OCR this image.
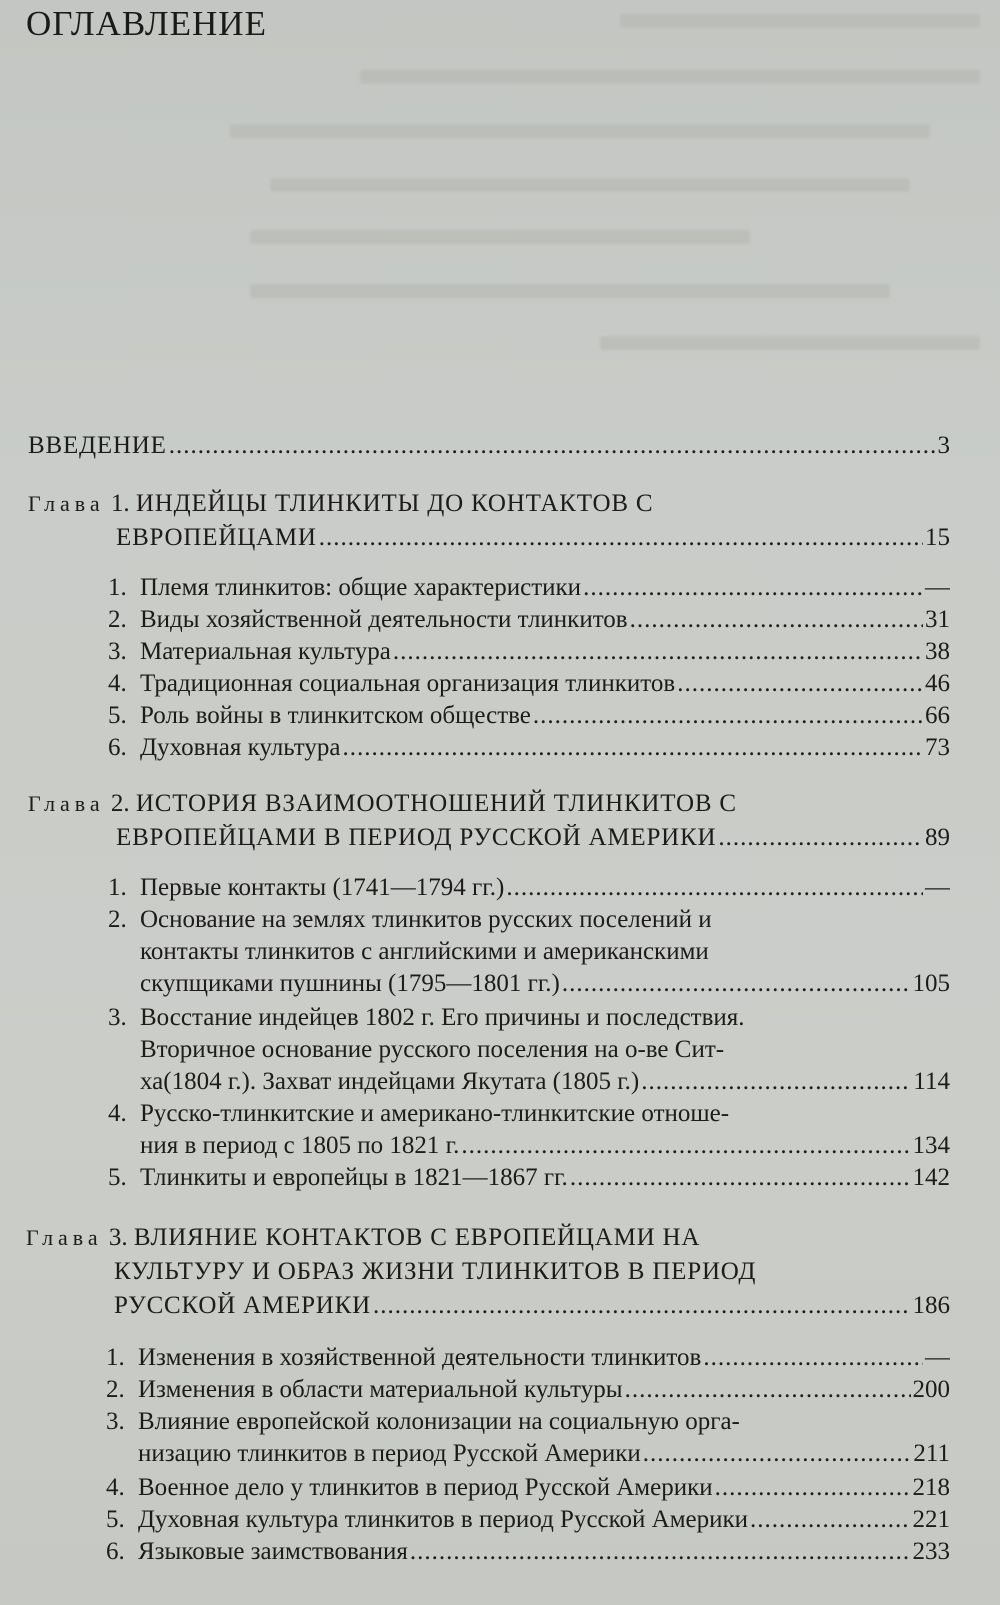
ОГЛАВЛЕНИЕ
ВВЕДЕНИЕ .....	3
Глава 1. ИНДЕЙЦЫ ТЛИНКИТЫ ДО КОНТАКТОВ С
ЕВРОПЕЙЦАМИ .....	15
1. Племя тлинкитов: общие характеристики .....	—
2. Виды хозяйственной деятельности тлинкитов .....	31
3. Материальная культура .....	38
4. Традиционная социальная организация тлинкитов .....	46
5. Роль войны в тлинкитском обществе .....	66
6. Духовная культура .....	73
Глава 2. ИСТОРИЯ ВЗАИМООТНОШЕНИЙ ТЛИНКИТОВ С
ЕВРОПЕЙЦАМИ В ПЕРИОД РУССКОЙ АМЕРИКИ .....	89
1. Первые контакты (1741—1794 гг.) .....	—
2. Основание на землях тлинкитов русских поселений и
контакты тлинкитов с английскими и американскими
скупщиками пушнины (1795—1801 гг.) .....	105
3. Восстание индейцев 1802 г. Его причины и последствия.
Вторичное основание русского поселения на о-ве Сит-
ха(1804 г.). Захват индейцами Якутата (1805 г.) .....	114
4. Русско-тлинкитские и американо-тлинкитские отноше-
ния в период с 1805 по 1821 г. .....	134
5. Тлинкиты и европейцы в 1821—1867 гг. .....	142
Глава 3. ВЛИЯНИЕ КОНТАКТОВ С ЕВРОПЕЙЦАМИ НА
КУЛЬТУРУ И ОБРАЗ ЖИЗНИ ТЛИНКИТОВ В ПЕРИОД
РУССКОЙ АМЕРИКИ .....	186
1. Изменения в хозяйственной деятельности тлинкитов .....	—
2. Изменения в области материальной культуры .....	200
3. Влияние европейской колонизации на социальную орга-
низацию тлинкитов в период Русской Америки .....	211
4. Военное дело у тлинкитов в период Русской Америки .....	218
5. Духовная культура тлинкитов в период Русской Америки .....	221
6. Языковые заимствования .....	233
